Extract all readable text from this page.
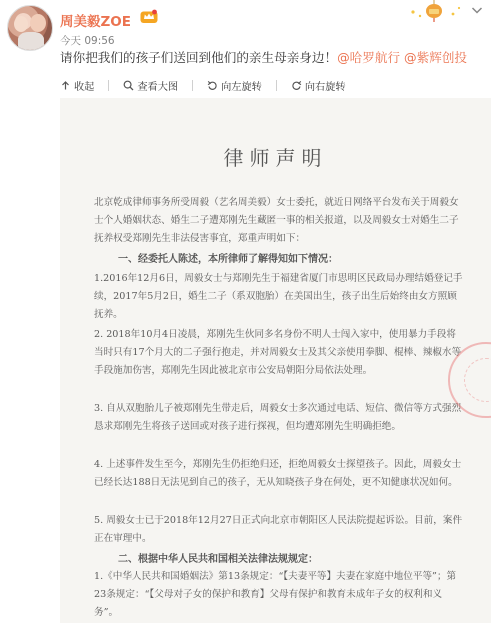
周美毅ZOE
今天 09:56
请你把我们的孩子们送回到他们的亲生母亲身边！@哈罗航行 @紫辉创投
收起	查看大图	向左旋转	向右旋转
律师声明
北京乾成律师事务所受周毅（艺名周美毅）女士委托，就近日网络平台发布关于周毅女士个人婚姻状态、婚生二子遭郑刚先生藏匿一事的相关报道，以及周毅女士对婚生二子抚养权受郑刚先生非法侵害事宜，郑重声明如下：
一、经委托人陈述，本所律师了解得知如下情况：
1.2016年12月6日，周毅女士与郑刚先生于福建省厦门市思明区民政局办理结婚登记手续，2017年5月2日，婚生二子（系双胞胎）在美国出生，孩子出生后始终由女方照顾抚养。
2. 2018年10月4日凌晨，郑刚先生伙同多名身份不明人士闯入家中，使用暴力手段将当时只有17个月大的二子强行抱走，并对周毅女士及其父亲使用拳脚、棍棒、辣椒水等手段施加伤害，郑刚先生因此被北京市公安局朝阳分局依法处理。
3. 自从双胞胎儿子被郑刚先生带走后，周毅女士多次通过电话、短信、微信等方式强烈恳求郑刚先生将孩子送回或对孩子进行探视，但均遭郑刚先生明确拒绝。
4. 上述事件发生至今，郑刚先生仍拒绝归还，拒绝周毅女士探望孩子。因此，周毅女士已经长达188日无法见到自己的孩子，无从知晓孩子身在何处，更不知健康状况如何。
5. 周毅女士已于2018年12月27日正式向北京市朝阳区人民法院提起诉讼。目前，案件正在审理中。
二、根据中华人民共和国相关法律法规规定：
1.《中华人民共和国婚姻法》第13条规定：“【夫妻平等】夫妻在家庭中地位平等”；第23条规定：“【父母对子女的保护和教育】父母有保护和教育未成年子女的权利和义务”。
